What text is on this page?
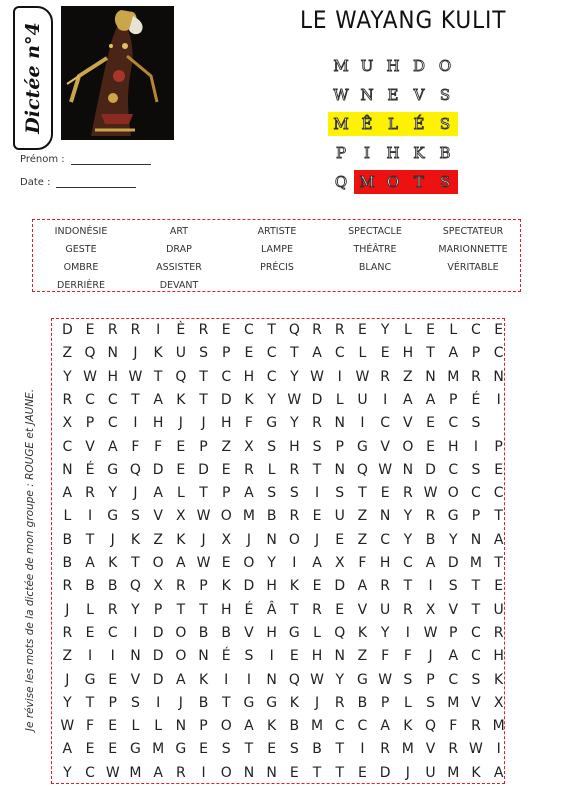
Dictée n°4
Prénom :
Date :
LE WAYANG KULIT
M U H D O
W N E	V	S
M Ê	L	É	S
P	I	H K B
Q M O T	S
INDONÉSIE	ART	ARTISTE	SPECTACLE	SPECTATEUR
GESTE	DRAP	LAMPE	THÉÂTRE	MARIONNETTE
OMBRE	ASSISTER	PRÉCIS	BLANC	VÉRITABLE
DERRIÈRE	DEVANT
Je révise les mots de la dictée de mon groupe : ROUGE et JAUNE.
D E R R	I	È R E C T Q R R E	Y	L	E	L C E
Z Q N	J	K U S	P	E C T A C L	E H T A P C
Y W H W T Q T C H C Y W I W R Z N M R N
R C C T A K T D K Y W D L U	I	A A P	É	I
X P C	I	H	J	J	H F G Y R N	I	C V E C S
C V A F	F	E	P Z X S H S	P G V O E H	I	P
N É G Q D E D E R L R T N Q W N D C S E
A R Y	J	A	L	T	P A S S	I	S T E R W O C C
L	I	G S V X W O M B R E U Z N Y R G P	T
B T	J	K Z K	J	X	J	N O	J	E Z C Y B Y N A
B A K T O A W E O Y	I	A X F H C A D M T
R B B Q X R P K D H K E D A R T	I	S T E
J	L R Y	P	T	T H É Â T R E V U R X V T U
R E C	I	D O B B V H G L Q K Y	I W P C R
Z	I	I	N D O N É S	I	E H N Z F	F	J	A C H
J	G E V D A K	I	I	N Q W Y G W S	P C S K
Y	T	P	S	I	J	B T G G K	J	R B P	L	S M V X
W F	E	L	L N P O A K B M C C A K Q F R M
A E E G M G E S T E S B T	I	R M V R W I
Y C W M A R	I	O N N E T	T E D	J	U M K A
